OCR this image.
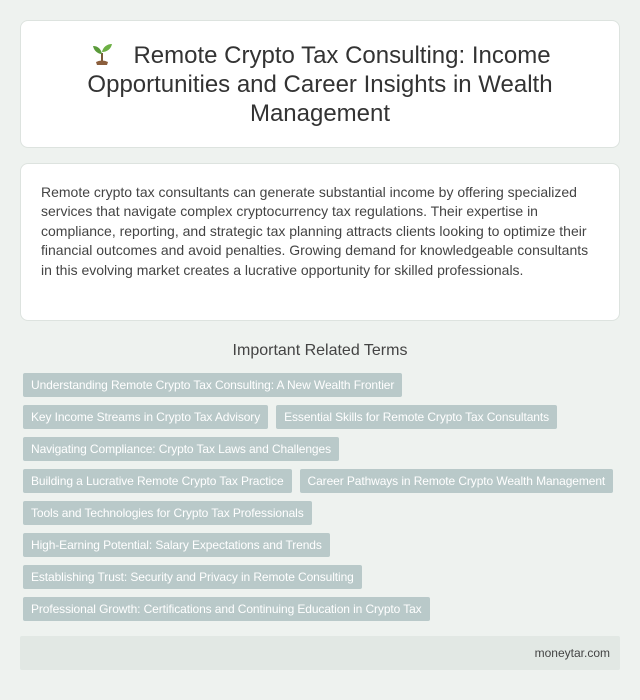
Remote Crypto Tax Consulting: Income Opportunities and Career Insights in Wealth Management

Remote crypto tax consultants can generate substantial income by offering specialized services that navigate complex cryptocurrency tax regulations. Their expertise in compliance, reporting, and strategic tax planning attracts clients looking to optimize their financial outcomes and avoid penalties. Growing demand for knowledgeable consultants in this evolving market creates a lucrative opportunity for skilled professionals.

Important Related Terms
Understanding Remote Crypto Tax Consulting: A New Wealth Frontier
Key Income Streams in Crypto Tax Advisory	Essential Skills for Remote Crypto Tax Consultants
Navigating Compliance: Crypto Tax Laws and Challenges
Building a Lucrative Remote Crypto Tax Practice	Career Pathways in Remote Crypto Wealth Management
Tools and Technologies for Crypto Tax Professionals
High-Earning Potential: Salary Expectations and Trends
Establishing Trust: Security and Privacy in Remote Consulting
Professional Growth: Certifications and Continuing Education in Crypto Tax
moneytar.com
